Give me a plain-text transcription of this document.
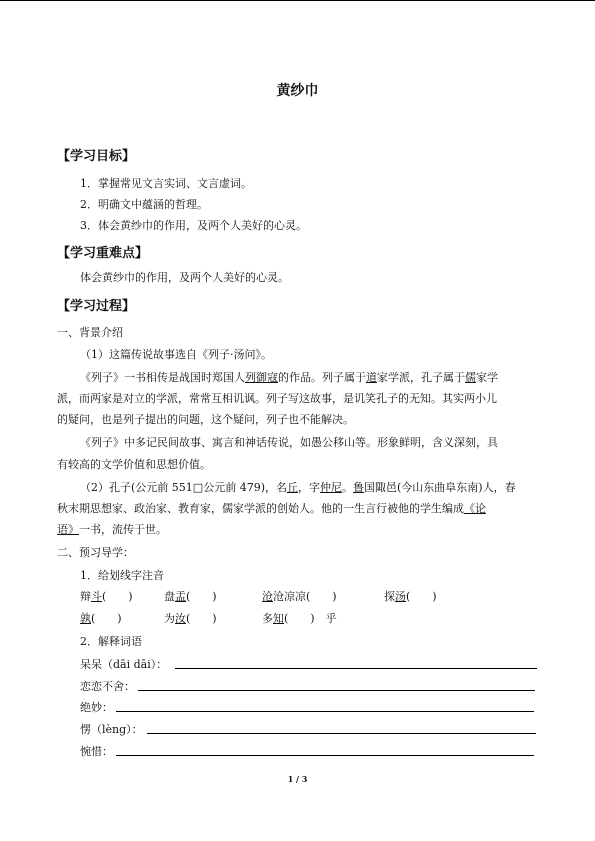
黄纱巾
【学习目标】
1．掌握常见文言实词、文言虚词。
2．明确文中蕴涵的哲理。
3．体会黄纱巾的作用，及两个人美好的心灵。
【学习重难点】
体会黄纱巾的作用，及两个人美好的心灵。
【学习过程】
一、背景介绍
（1）这篇传说故事选自《列子·汤问》。
《列子》一书相传是战国时郑国人列御寇的作品。列子属于道家学派，孔子属于儒家学
派，而两家是对立的学派，常常互相讥讽。列子写这故事，是讥笑孔子的无知。其实两小儿
的疑问，也是列子提出的问题，这个疑问，列子也不能解决。
《列子》中多记民间故事、寓言和神话传说，如愚公移山等。形象鲜明，含义深刻，具
有较高的文学价值和思想价值。
（2）孔子(公元前 551□公元前 479)，名丘，字仲尼。鲁国陬邑(今山东曲阜东南)人，春
秋末期思想家、政治家、教育家，儒家学派的创始人。他的一生言行被他的学生编成《论
语》一书，流传于世。
二、预习导学：
1．给划线字注音
辩斗(　　)	盘盂(　　)	沧沧凉凉(　　)	探汤(　　)
孰(　　)	为汝(　　)	多知(　　)　乎
2．解释词语
呆呆（dāi dāi）：
恋恋不舍：
绝妙：
愣（lèng）：
惋惜：
1 / 3
